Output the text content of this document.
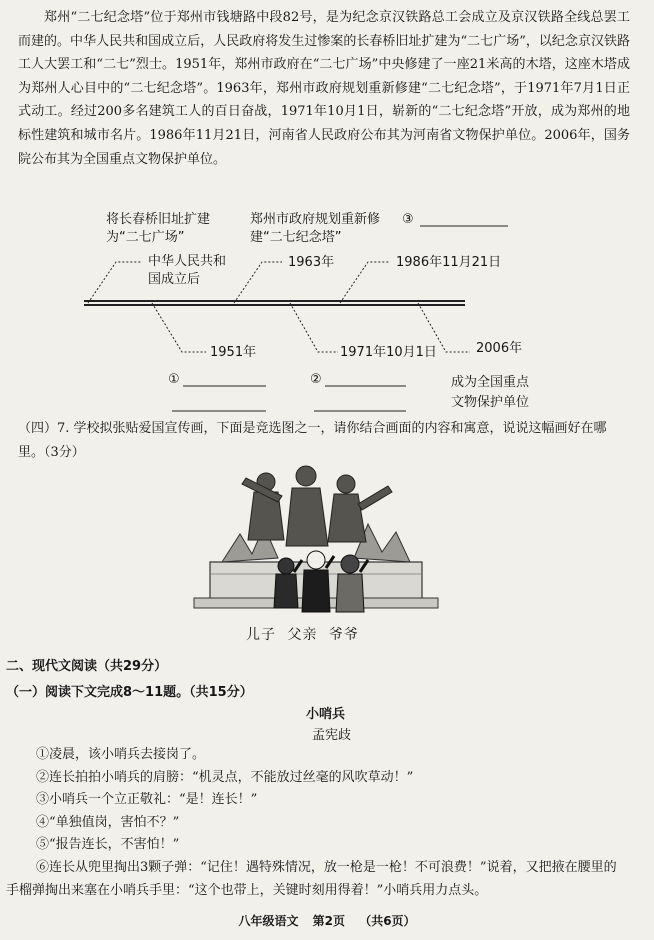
郑州“二七纪念塔”位于郑州市钱塘路中段82号，是为纪念京汉铁路总工会成立及京汉铁路全线总罢工而建的。中华人民共和国成立后，人民政府将发生过惨案的长春桥旧址扩建为“二七广场”，以纪念京汉铁路工人大罢工和“二七”烈士。1951年，郑州市政府在“二七广场”中央修建了一座21米高的木塔，这座木塔成为郑州人心目中的“二七纪念塔”。1963年，郑州市政府规划重新修建“二七纪念塔”，于1971年7月1日正式动工。经过200多名建筑工人的百日奋战，1971年10月1日，崭新的“二七纪念塔”开放，成为郑州的地标性建筑和城市名片。1986年11月21日，河南省人民政府公布其为河南省文物保护单位。2006年，国务院公布其为全国重点文物保护单位。

将长春桥旧址扩建
为“二七广场”
中华人民共和
国成立后
郑州市政府规划重新修
建“二七纪念塔”
1963年
③
1986年11月21日
1951年	1971年10月1日	2006年
①	②	成为全国重点
文物保护单位

（四）7. 学校拟张贴爱国宣传画，下面是竞选图之一，请你结合画面的内容和寓意，说说这幅画好在哪里。（3分）

儿子 父亲 爷爷
二、现代文阅读（共29分）
（一）阅读下文完成8～11题。（共15分）
小哨兵
孟宪歧
①凌晨，该小哨兵去接岗了。
②连长拍拍小哨兵的肩膀：“机灵点，不能放过丝毫的风吹草动！”
③小哨兵一个立正敬礼：“是！连长！”
④“单独值岗，害怕不？”
⑤“报告连长，不害怕！”
⑥连长从兜里掏出3颗子弹：“记住！遇特殊情况，放一枪是一枪！不可浪费！”说着，又把掖在腰里的手榴弹掏出来塞在小哨兵手里：“这个也带上，关键时刻用得着！”小哨兵用力点头。
八年级语文 第2页 （共6页）
